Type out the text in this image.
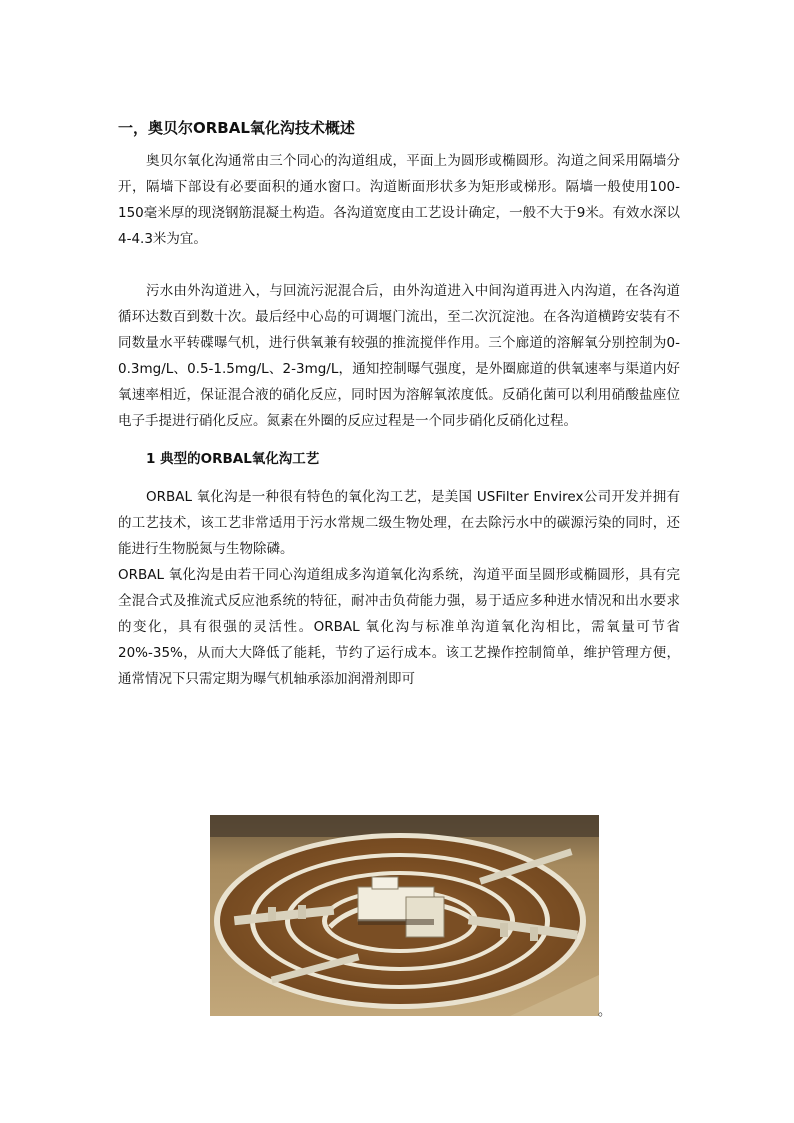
一，奥贝尔ORBAL氧化沟技术概述

奥贝尔氧化沟通常由三个同心的沟道组成，平面上为圆形或椭圆形。沟道之间采用隔墙分开，隔墙下部设有必要面积的通水窗口。沟道断面形状多为矩形或梯形。隔墙一般使用100-150毫米厚的现浇钢筋混凝土构造。各沟道宽度由工艺设计确定，一般不大于9米。有效水深以4-4.3米为宜。

污水由外沟道进入，与回流污泥混合后，由外沟道进入中间沟道再进入内沟道，在各沟道循环达数百到数十次。最后经中心岛的可调堰门流出，至二次沉淀池。在各沟道横跨安装有不同数量水平转碟曝气机，进行供氧兼有较强的推流搅伴作用。三个廊道的溶解氧分别控制为0-0.3mg/L、0.5-1.5mg/L、2-3mg/L，通知控制曝气强度，是外圈廊道的供氧速率与渠道内好氧速率相近，保证混合液的硝化反应，同时因为溶解氧浓度低。反硝化菌可以利用硝酸盐座位电子手提进行硝化反应。氮素在外圈的反应过程是一个同步硝化反硝化过程。

1 典型的ORBAL氧化沟工艺

ORBAL 氧化沟是一种很有特色的氧化沟工艺，是美国 USFilter Envirex公司开发并拥有的工艺技术，该工艺非常适用于污水常规二级生物处理，在去除污水中的碳源污染的同时，还能进行生物脱氮与生物除磷。

ORBAL 氧化沟是由若干同心沟道组成多沟道氧化沟系统，沟道平面呈圆形或椭圆形，具有完全混合式及推流式反应池系统的特征，耐冲击负荷能力强，易于适应多种进水情况和出水要求的变化，具有很强的灵活性。ORBAL 氧化沟与标准单沟道氧化沟相比，需氧量可节省20%-35%，从而大大降低了能耗，节约了运行成本。该工艺操作控制简单，维护管理方便，通常情况下只需定期为曝气机轴承添加润滑剂即可

。
